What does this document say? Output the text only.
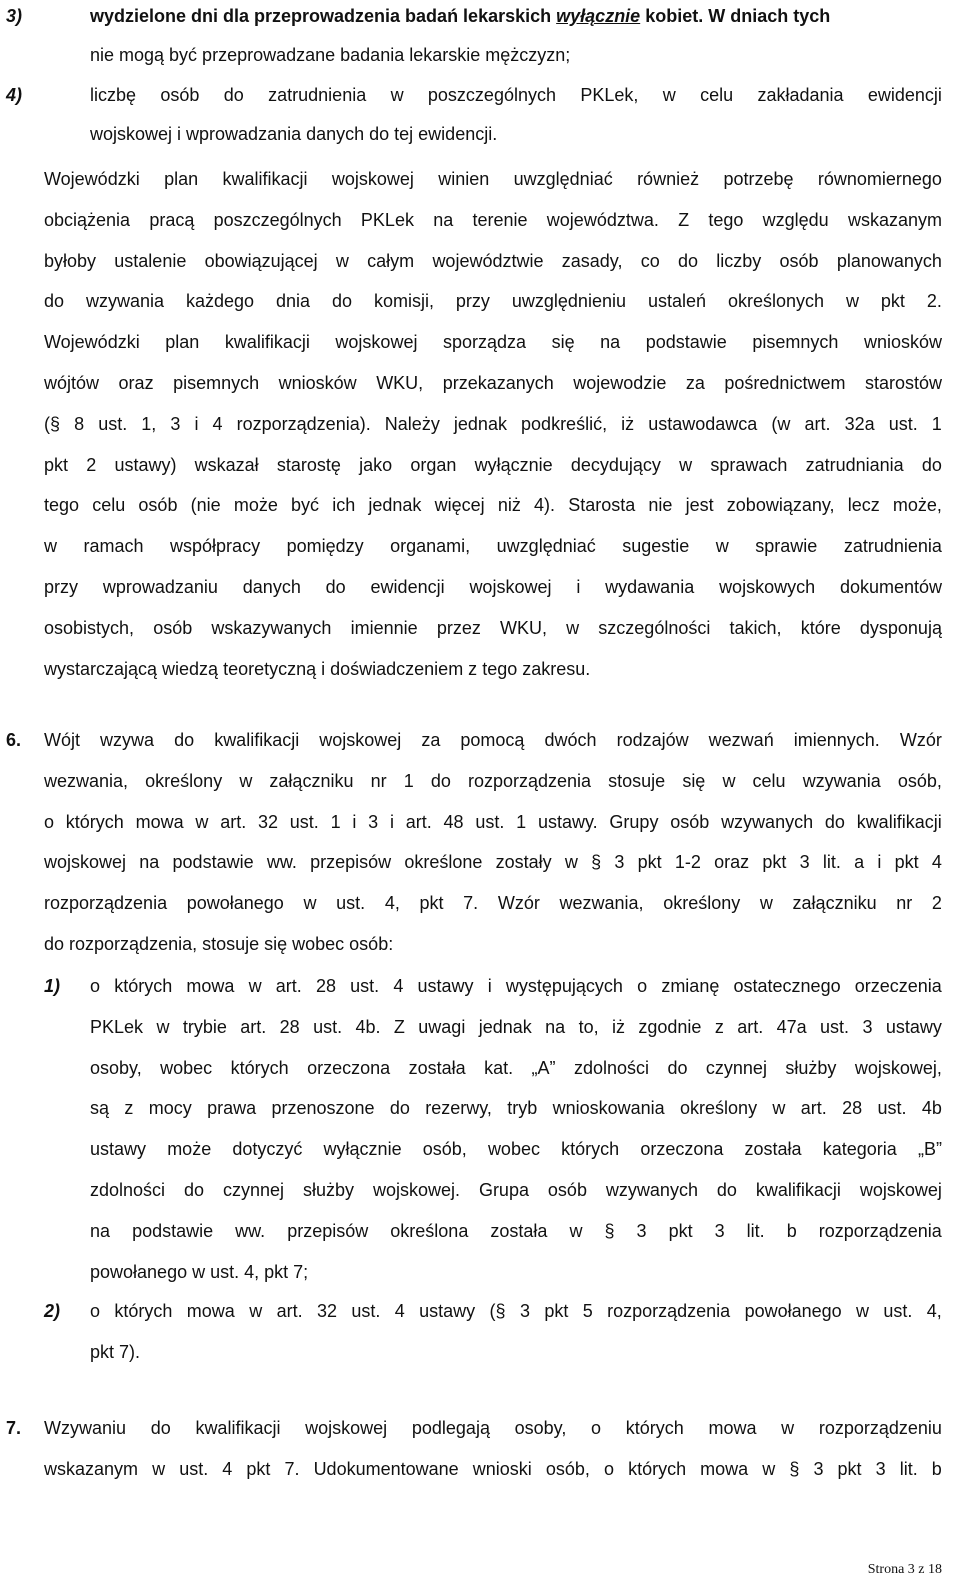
3)	wydzielone dni dla przeprowadzenia badań lekarskich wyłącznie kobiet. W dniach tych
nie mogą być przeprowadzane badania lekarskie mężczyzn;
4)	liczbę osób do zatrudnienia w poszczególnych PKLek, w celu zakładania ewidencji
wojskowej i wprowadzania danych do tej ewidencji.
Wojewódzki plan kwalifikacji wojskowej winien uwzględniać również potrzebę równomiernego
obciążenia pracą poszczególnych PKLek na terenie województwa. Z tego względu wskazanym
byłoby ustalenie obowiązującej w całym województwie zasady, co do liczby osób planowanych
do wzywania każdego dnia do komisji, przy uwzględnieniu ustaleń określonych w pkt 2.
Wojewódzki plan kwalifikacji wojskowej sporządza się na podstawie pisemnych wniosków
wójtów oraz pisemnych wniosków WKU, przekazanych wojewodzie za pośrednictwem starostów
(§ 8 ust. 1, 3 i 4 rozporządzenia). Należy jednak podkreślić, iż ustawodawca (w art. 32a ust. 1
pkt 2 ustawy) wskazał starostę jako organ wyłącznie decydujący w sprawach zatrudniania do
tego celu osób (nie może być ich jednak więcej niż 4). Starosta nie jest zobowiązany, lecz może,
w ramach współpracy pomiędzy organami, uwzględniać sugestie w sprawie zatrudnienia
przy wprowadzaniu danych do ewidencji wojskowej i wydawania wojskowych dokumentów
osobistych, osób wskazywanych imiennie przez WKU, w szczególności takich, które dysponują
wystarczającą wiedzą teoretyczną i doświadczeniem z tego zakresu.
6. Wójt wzywa do kwalifikacji wojskowej za pomocą dwóch rodzajów wezwań imiennych. Wzór
wezwania, określony w załączniku nr 1 do rozporządzenia stosuje się w celu wzywania osób,
o których mowa w art. 32 ust. 1 i 3 i art. 48 ust. 1 ustawy. Grupy osób wzywanych do kwalifikacji
wojskowej na podstawie ww. przepisów określone zostały w § 3 pkt 1-2 oraz pkt 3 lit. a i pkt 4
rozporządzenia powołanego w ust. 4, pkt 7. Wzór wezwania, określony w załączniku nr 2
do rozporządzenia, stosuje się wobec osób:
1) o których mowa w art. 28 ust. 4 ustawy i występujących o zmianę ostatecznego orzeczenia
PKLek w trybie art. 28 ust. 4b. Z uwagi jednak na to, iż zgodnie z art. 47a ust. 3 ustawy
osoby, wobec których orzeczona została kat. „A” zdolności do czynnej służby wojskowej,
są z mocy prawa przenoszone do rezerwy, tryb wnioskowania określony w art. 28 ust. 4b
ustawy może dotyczyć wyłącznie osób, wobec których orzeczona została kategoria „B”
zdolności do czynnej służby wojskowej. Grupa osób wzywanych do kwalifikacji wojskowej
na podstawie ww. przepisów określona została w § 3 pkt 3 lit. b rozporządzenia
powołanego w ust. 4, pkt 7;
2) o których mowa w art. 32 ust. 4 ustawy (§ 3 pkt 5 rozporządzenia powołanego w ust. 4,
pkt 7).
7. Wzywaniu do kwalifikacji wojskowej podlegają osoby, o których mowa w rozporządzeniu
wskazanym w ust. 4 pkt 7. Udokumentowane wnioski osób, o których mowa w § 3 pkt 3 lit. b
Strona 3 z 18
